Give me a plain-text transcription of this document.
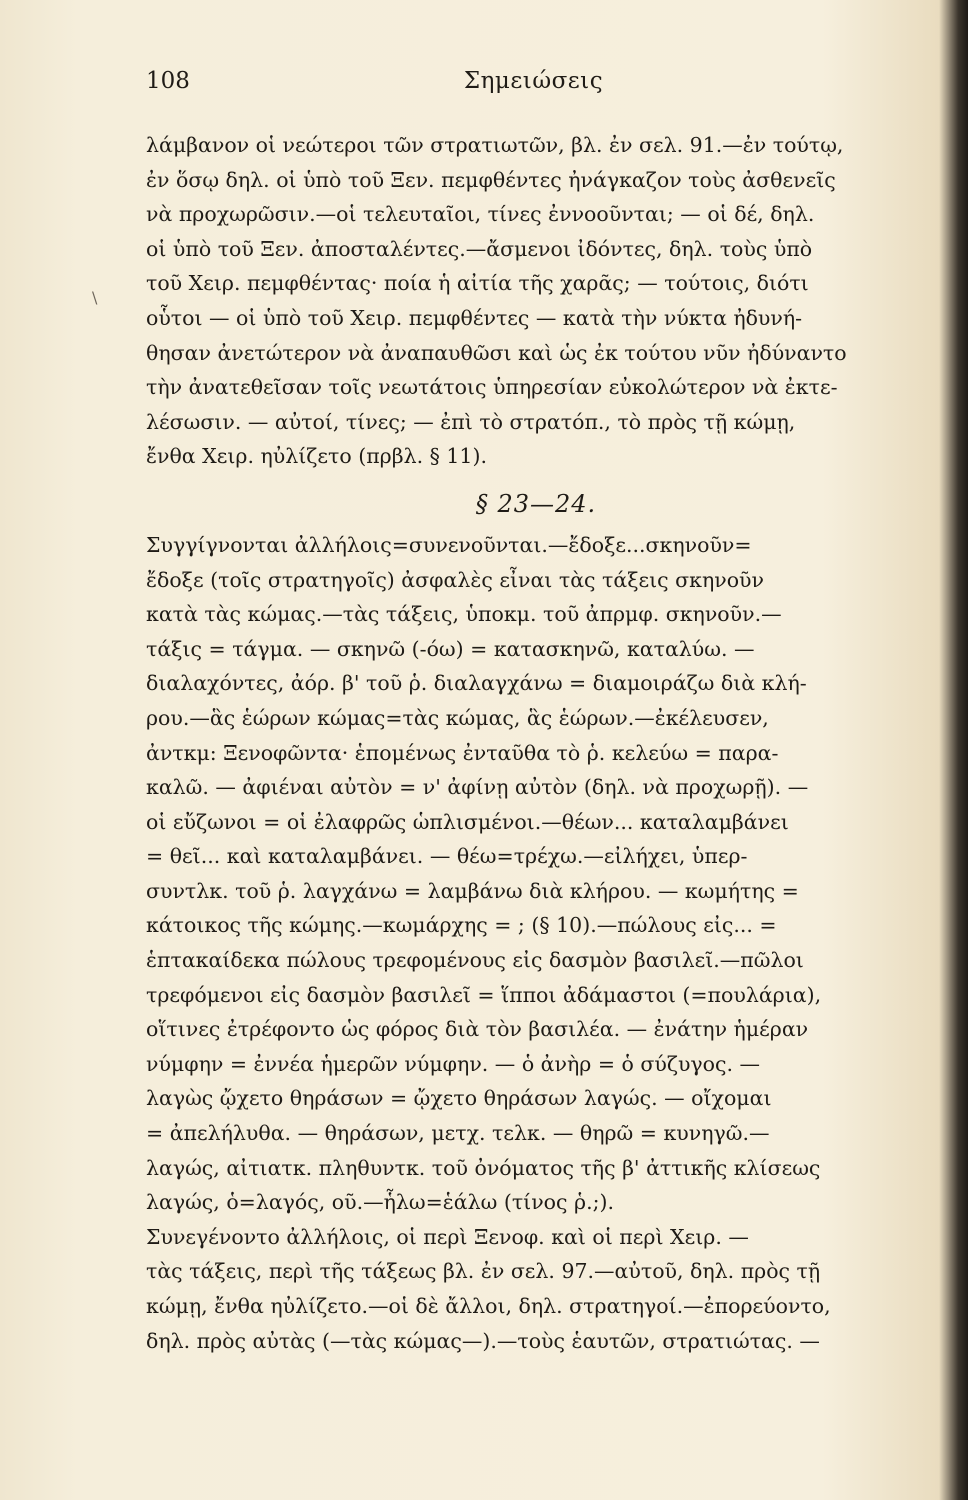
108	Σημειώσεις
\
λάμβανον οἱ νεώτεροι τῶν στρατιωτῶν, βλ. ἐν σελ. 91.—ἐν τούτῳ,
ἐν ὅσῳ δηλ. οἱ ὑπὸ τοῦ Ξεν. πεμφθέντες ἠνάγκαζον τοὺς ἀσθενεῖς
νὰ προχωρῶσιν.—οἱ τελευταῖοι, τίνες ἐννοοῦνται; — οἱ δέ, δηλ.
οἱ ὑπὸ τοῦ Ξεν. ἀποσταλέντες.—ἄσμενοι ἰδόντες, δηλ. τοὺς ὑπὸ
τοῦ Χειρ. πεμφθέντας· ποία ἡ αἰτία τῆς χαρᾶς; — τούτοις, διότι
οὗτοι — οἱ ὑπὸ τοῦ Χειρ. πεμφθέντες — κατὰ τὴν νύκτα ἠδυνή-
θησαν ἀνετώτερον νὰ ἀναπαυθῶσι καὶ ὡς ἐκ τούτου νῦν ἠδύναντο
τὴν ἀνατεθεῖσαν τοῖς νεωτάτοις ὑπηρεσίαν εὐκολώτερον νὰ ἐκτε-
λέσωσιν. — αὐτοί, τίνες; — ἐπὶ τὸ στρατόπ., τὸ πρὸς τῇ κώμῃ,
ἔνθα Χειρ. ηὐλίζετο (πρβλ. § 11).
§ 23—24.
Συγγίγνονται ἀλλήλοις=συνενοῦνται.—ἔδοξε...σκηνοῦν=
ἔδοξε (τοῖς στρατηγοῖς) ἀσφαλὲς εἶναι τὰς τάξεις σκηνοῦν
κατὰ τὰς κώμας.—τὰς τάξεις, ὑποκμ. τοῦ ἀπρμφ. σκηνοῦν.—
τάξις = τάγμα. — σκηνῶ (-όω) = κατασκηνῶ, καταλύω. —
διαλαχόντες, ἀόρ. β' τοῦ ῥ. διαλαγχάνω = διαμοιράζω διὰ κλή-
ρου.—ἃς ἑώρων κώμας=τὰς κώμας, ἃς ἑώρων.—ἐκέλευσεν,
ἀντκμ: Ξενοφῶντα· ἑπομένως ἐνταῦθα τὸ ῥ. κελεύω = παρα-
καλῶ. — ἀφιέναι αὐτὸν = ν' ἀφίνῃ αὐτὸν (δηλ. νὰ προχωρῇ). —
οἱ εὔζωνοι = οἱ ἐλαφρῶς ὡπλισμένοι.—θέων... καταλαμβάνει
= θεῖ... καὶ καταλαμβάνει. — θέω=τρέχω.—εἰλήχει, ὑπερ-
συντλκ. τοῦ ῥ. λαγχάνω = λαμβάνω διὰ κλήρου. — κωμήτης =
κάτοικος τῆς κώμης.—κωμάρχης = ; (§ 10).—πώλους εἰς... =
ἑπτακαίδεκα πώλους τρεφομένους εἰς δασμὸν βασιλεῖ.—πῶλοι
τρεφόμενοι εἰς δασμὸν βασιλεῖ = ἵπποι ἀδάμαστοι (=πουλάρια),
οἵτινες ἐτρέφοντο ὡς φόρος διὰ τὸν βασιλέα. — ἐνάτην ἡμέραν
νύμφην = ἐννέα ἡμερῶν νύμφην. — ὁ ἀνὴρ = ὁ σύζυγος. —
λαγὼς ᾤχετο θηράσων = ᾤχετο θηράσων λαγώς. — οἴχομαι
= ἀπελήλυθα. — θηράσων, μετχ. τελκ. — θηρῶ = κυνηγῶ.—
λαγώς, αἰτιατκ. πληθυντκ. τοῦ ὀνόματος τῆς β' ἀττικῆς κλίσεως
λαγώς, ὁ=λαγός, οῦ.—ἧλω=ἑάλω (τίνος ῥ.;).
Συνεγένοντο ἀλλήλοις, οἱ περὶ Ξενοφ. καὶ οἱ περὶ Χειρ. —
τὰς τάξεις, περὶ τῆς τάξεως βλ. ἐν σελ. 97.—αὐτοῦ, δηλ. πρὸς τῇ
κώμῃ, ἔνθα ηὐλίζετο.—οἱ δὲ ἄλλοι, δηλ. στρατηγοί.—ἐπορεύοντο,
δηλ. πρὸς αὐτὰς (—τὰς κώμας—).—τοὺς ἑαυτῶν, στρατιώτας. —
